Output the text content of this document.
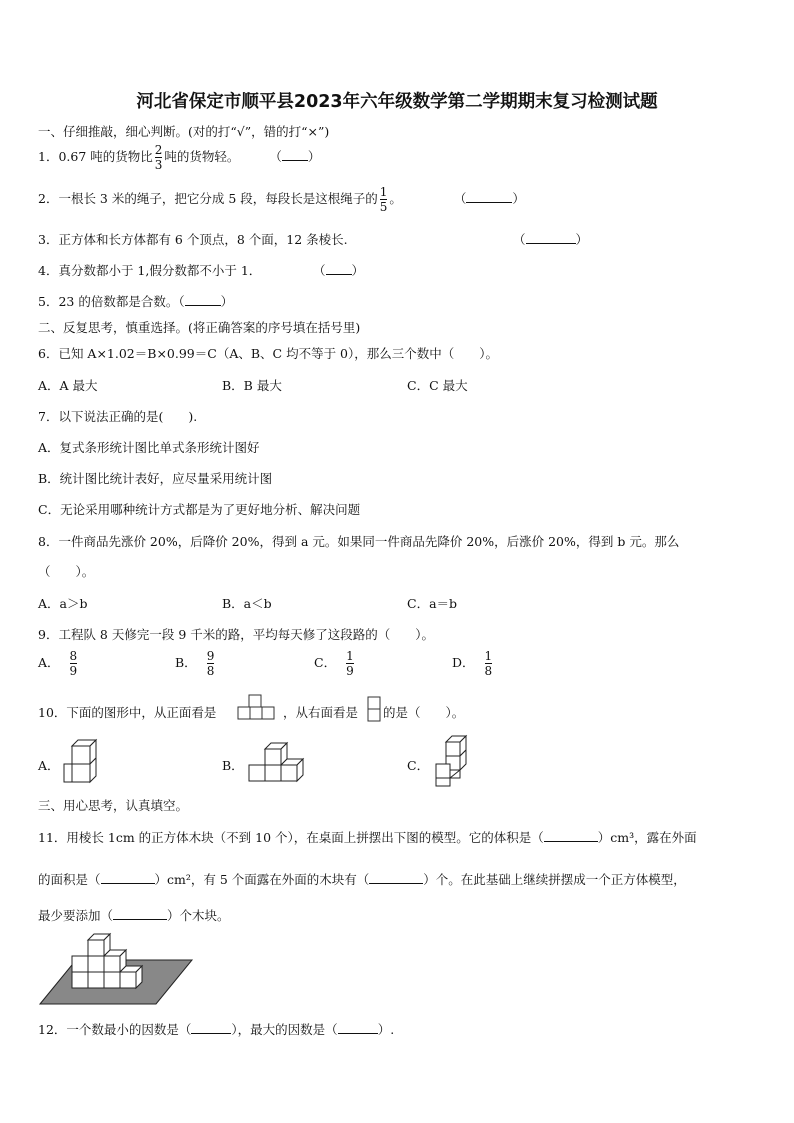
河北省保定市顺平县2023年六年级数学第二学期期末复习检测试题
一、仔细推敲，细心判断。(对的打“√”，错的打“×”)
1．0.67 吨的货物比 $\frac{2}{3}$ 吨的货物轻。 （ ）
2．一根长 3 米的绳子，把它分成 5 段，每段长是这根绳子的 $\frac{1}{5}$ 。	（	）
3．正方体和长方体都有 6 个顶点，8 个面，12 条棱长.	（	）
4．真分数都小于 1,假分数都不小于 1．	（ ）
5．23 的倍数都是合数。（	）
二、反复思考，慎重选择。(将正确答案的序号填在括号里)
6．已知 A×1.02＝B×0.99＝C（A、B、C 均不等于 0），那么三个数中（　　）。
A．A 最大	B．B 最大	C．C 最大
7．以下说法正确的是(　　).
A．复式条形统计图比单式条形统计图好
B．统计图比统计表好，应尽量采用统计图
C．无论采用哪种统计方式都是为了更好地分析、解决问题
8．一件商品先涨价 20%，后降价 20%，得到 a 元。如果同一件商品先降价 20%，后涨价 20%，得到 b 元。那么
（　　）。
A．a＞b	B．a＜b	C．a＝b
9．工程队 8 天修完一段 9 千米的路，平均每天修了这段路的（　　）。
A． $\frac{8}{9}$	B． $\frac{9}{8}$	C． $\frac{1}{9}$	D． $\frac{1}{8}$
10．下面的图形中，从正面看是	，从右面看是 的是（　　）。
A．	B．	C．
三、用心思考，认真填空。
11．用棱长 1cm 的正方体木块（不到 10 个），在桌面上拼摆出下图的模型。它的体积是（	）cm³，露在外面
的面积是（	）cm²，有 5 个面露在外面的木块有（	）个。在此基础上继续拼摆成一个正方体模型，
最少要添加（	）个木块。
12．一个数最小的因数是（	），最大的因数是（	）.
